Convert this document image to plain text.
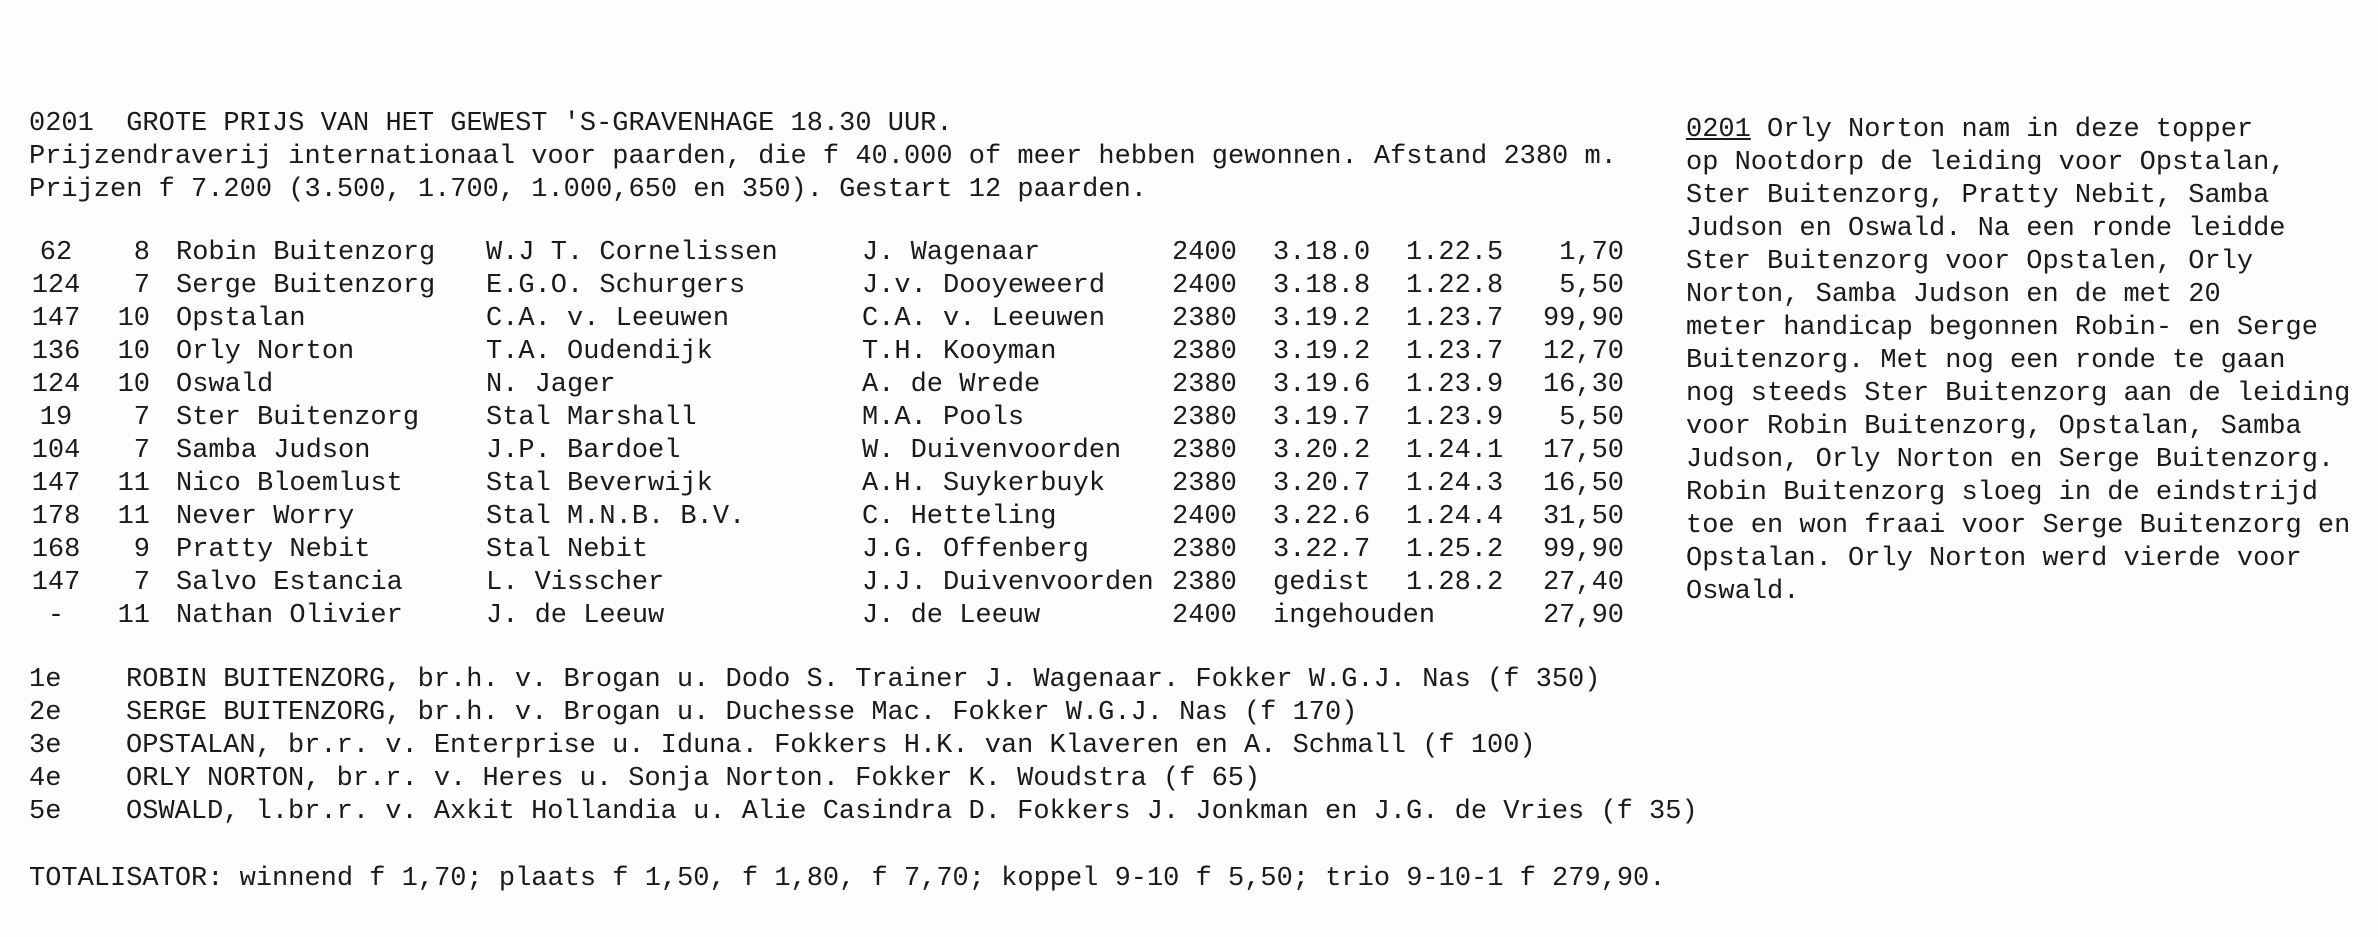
0201  GROTE PRIJS VAN HET GEWEST 'S-GRAVENHAGE 18.30 UUR.
Prijzendraverij internationaal voor paarden, die f 40.000 of meer hebben gewonnen. Afstand 2380 m.
Prijzen f 7.200 (3.500, 1.700, 1.000,650 en 350). Gestart 12 paarden.
62	8 Robin Buitenzorg	W.J T. Cornelissen	J. Wagenaar	2400 3.18.0	1.22.5	1,70
124	7 Serge Buitenzorg	E.G.O. Schurgers	J.v. Dooyeweerd	2400 3.18.8	1.22.8	5,50
147	10 Opstalan	C.A. v. Leeuwen	C.A. v. Leeuwen	2380 3.19.2	1.23.7	99,90
136	10 Orly Norton	T.A. Oudendijk	T.H. Kooyman	2380 3.19.2	1.23.7	12,70
124	10 Oswald	N. Jager	A. de Wrede	2380 3.19.6	1.23.9	16,30
19	7 Ster Buitenzorg	Stal Marshall	M.A. Pools	2380 3.19.7	1.23.9	5,50
104	7 Samba Judson	J.P. Bardoel	W. Duivenvoorden	2380 3.20.2	1.24.1	17,50
147	11 Nico Bloemlust	Stal Beverwijk	A.H. Suykerbuyk	2380 3.20.7	1.24.3	16,50
178	11 Never Worry	Stal M.N.B. B.V.	C. Hetteling	2400 3.22.6	1.24.4	31,50
168	9 Pratty Nebit	Stal Nebit	J.G. Offenberg	2380 3.22.7	1.25.2	99,90
147	7 Salvo Estancia	L. Visscher	J.J. Duivenvoorden 2380 gedist	1.28.2	27,40
-	11 Nathan Olivier	J. de Leeuw	J. de Leeuw	2400 ingehouden	27,90
1e	ROBIN BUITENZORG, br.h. v. Brogan u. Dodo S. Trainer J. Wagenaar. Fokker W.G.J. Nas (f 350)
2e	SERGE BUITENZORG, br.h. v. Brogan u. Duchesse Mac. Fokker W.G.J. Nas (f 170)
3e	OPSTALAN, br.r. v. Enterprise u. Iduna. Fokkers H.K. van Klaveren en A. Schmall (f 100)
4e	ORLY NORTON, br.r. v. Heres u. Sonja Norton. Fokker K. Woudstra (f 65)
5e	OSWALD, l.br.r. v. Axkit Hollandia u. Alie Casindra D. Fokkers J. Jonkman en J.G. de Vries (f 35)
TOTALISATOR: winnend f 1,70; plaats f 1,50, f 1,80, f 7,70; koppel 9-10 f 5,50; trio 9-10-1 f 279,90.
0201 Orly Norton nam in deze topper
op Nootdorp de leiding voor Opstalan,
Ster Buitenzorg, Pratty Nebit, Samba
Judson en Oswald. Na een ronde leidde
Ster Buitenzorg voor Opstalen, Orly
Norton, Samba Judson en de met 20
meter handicap begonnen Robin- en Serge
Buitenzorg. Met nog een ronde te gaan
nog steeds Ster Buitenzorg aan de leiding
voor Robin Buitenzorg, Opstalan, Samba
Judson, Orly Norton en Serge Buitenzorg.
Robin Buitenzorg sloeg in de eindstrijd
toe en won fraai voor Serge Buitenzorg en
Opstalan. Orly Norton werd vierde voor
Oswald.
